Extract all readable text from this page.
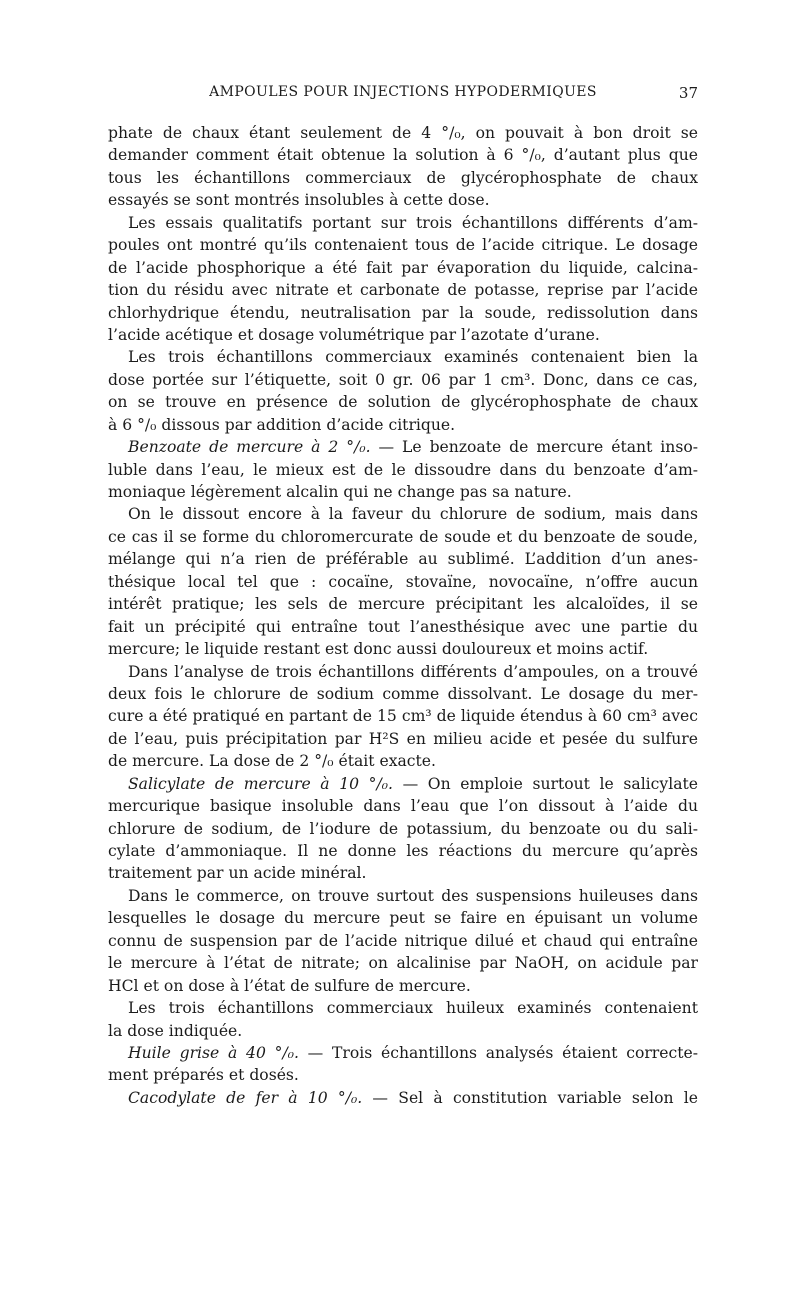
AMPOULES POUR INJECTIONS HYPODERMIQUES	37
phate de chaux étant seulement de 4 °/₀, on pouvait à bon droit se
demander comment était obtenue la solution à 6 °/₀, d’autant plus que
tous les échantillons commerciaux de glycérophosphate de chaux
essayés se sont montrés insolubles à cette dose.
Les essais qualitatifs portant sur trois échantillons différents d’am-
poules ont montré qu’ils contenaient tous de l’acide citrique. Le dosage
de l’acide phosphorique a été fait par évaporation du liquide, calcina-
tion du résidu avec nitrate et carbonate de potasse, reprise par l’acide
chlorhydrique étendu, neutralisation par la soude, redissolution dans
l’acide acétique et dosage volumétrique par l’azotate d’urane.
Les trois échantillons commerciaux examinés contenaient bien la
dose portée sur l’étiquette, soit 0 gr. 06 par 1 cm³. Donc, dans ce cas,
on se trouve en présence de solution de glycérophosphate de chaux
à 6 °/₀ dissous par addition d’acide citrique.
Benzoate de mercure à 2 °/₀. — Le benzoate de mercure étant inso-
luble dans l’eau, le mieux est de le dissoudre dans du benzoate d’am-
moniaque légèrement alcalin qui ne change pas sa nature.
On le dissout encore à la faveur du chlorure de sodium, mais dans
ce cas il se forme du chloromercurate de soude et du benzoate de soude,
mélange qui n’a rien de préférable au sublimé. L’addition d’un anes-
thésique local tel que : cocaïne, stovaïne, novocaïne, n’offre aucun
intérêt pratique; les sels de mercure précipitant les alcaloïdes, il se
fait un précipité qui entraîne tout l’anesthésique avec une partie du
mercure; le liquide restant est donc aussi douloureux et moins actif.
Dans l’analyse de trois échantillons différents d’ampoules, on a trouvé
deux fois le chlorure de sodium comme dissolvant. Le dosage du mer-
cure a été pratiqué en partant de 15 cm³ de liquide étendus à 60 cm³ avec
de l’eau, puis précipitation par H²S en milieu acide et pesée du sulfure
de mercure. La dose de 2 °/₀ était exacte.
Salicylate de mercure à 10 °/₀. — On emploie surtout le salicylate
mercurique basique insoluble dans l’eau que l’on dissout à l’aide du
chlorure de sodium, de l’iodure de potassium, du benzoate ou du sali-
cylate d’ammoniaque. Il ne donne les réactions du mercure qu’après
traitement par un acide minéral.
Dans le commerce, on trouve surtout des suspensions huileuses dans
lesquelles le dosage du mercure peut se faire en épuisant un volume
connu de suspension par de l’acide nitrique dilué et chaud qui entraîne
le mercure à l’état de nitrate; on alcalinise par NaOH, on acidule par
HCl et on dose à l’état de sulfure de mercure.
Les trois échantillons commerciaux huileux examinés contenaient
la dose indiquée.
Huile grise à 40 °/₀. — Trois échantillons analysés étaient correcte-
ment préparés et dosés.
Cacodylate de fer à 10 °/₀. — Sel à constitution variable selon le
